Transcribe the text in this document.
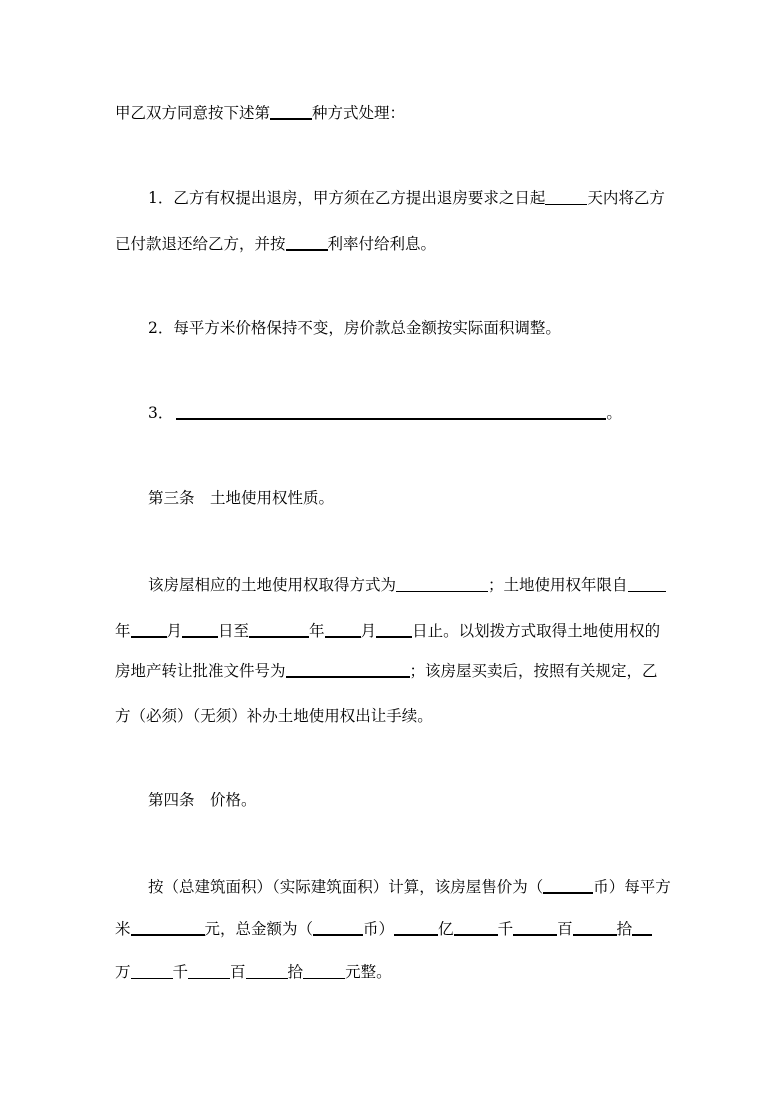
甲乙双方同意按下述第	种方式处理：
1．乙方有权提出退房，甲方须在乙方提出退房要求之日起	天内将乙方
已付款退还给乙方，并按	利率付给利息。
2．每平方米价格保持不变，房价款总金额按实际面积调整。
3．	。
第三条　土地使用权性质。
该房屋相应的土地使用权取得方式为	；土地使用权年限自
年 月 日至	年 月 日止。以划拨方式取得土地使用权的
房地产转让批准文件号为	；该房屋买卖后，按照有关规定，乙
方（必须）（无须）补办土地使用权出让手续。
第四条　价格。
按（总建筑面积）（实际建筑面积）计算，该房屋售价为（	币）每平方
米	元，总金额为（	币）	亿	千	百	拾
万	千	百	拾	元整。
